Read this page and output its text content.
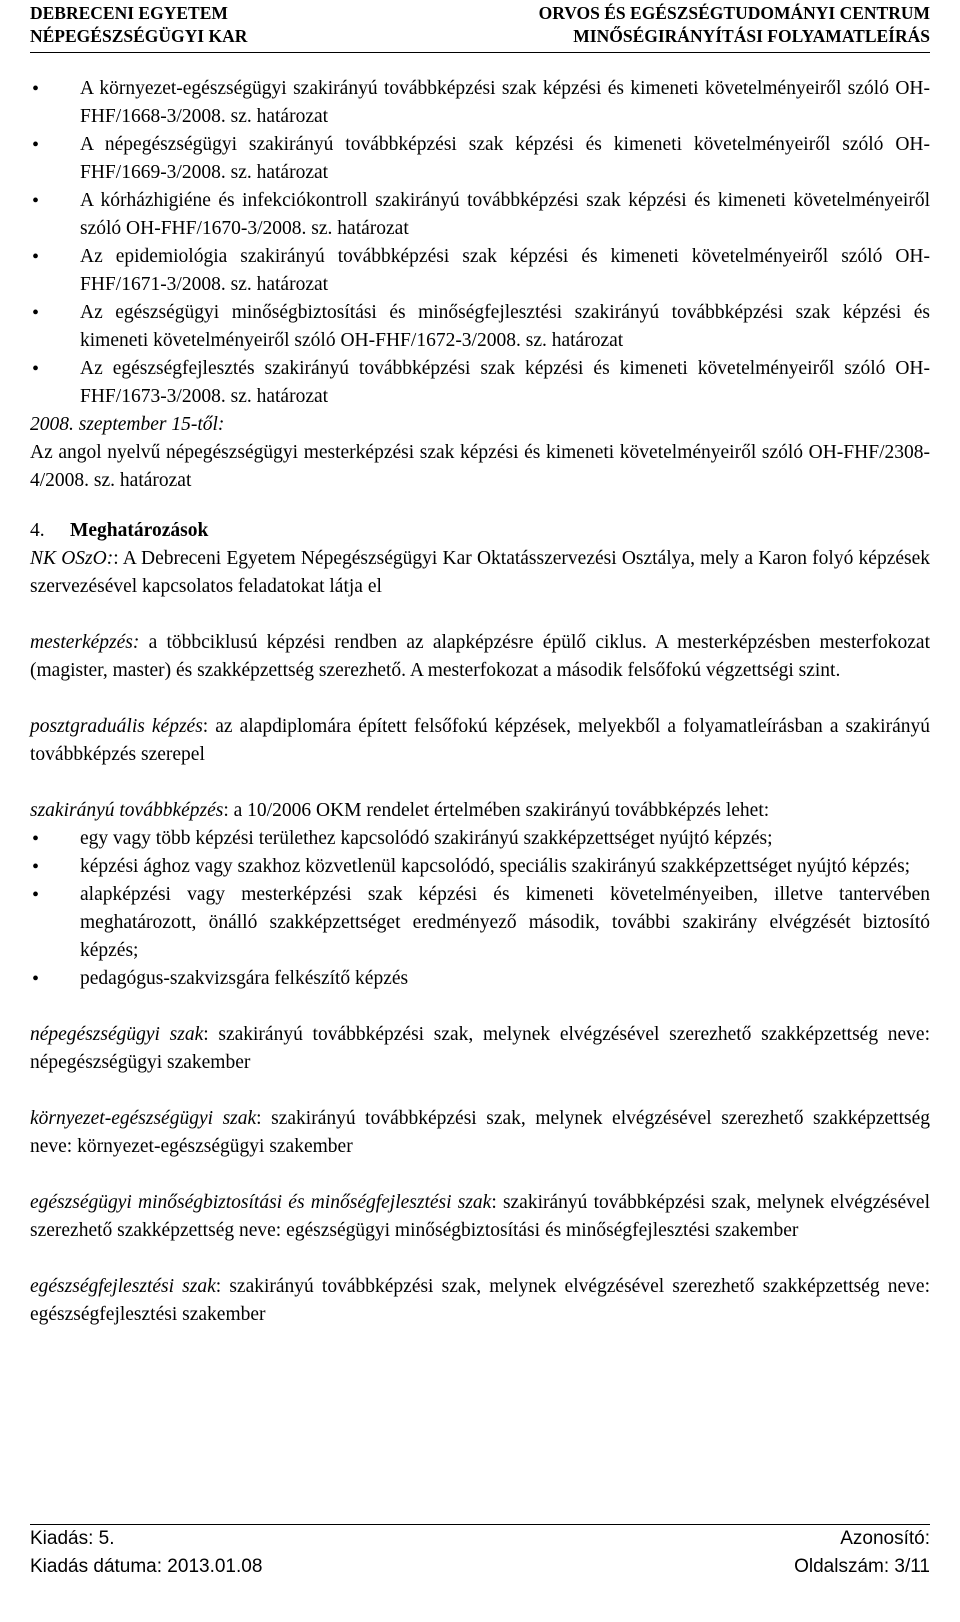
DEBRECENI EGYETEM
NÉPEGÉSZSÉGÜGYI KAR
ORVOS ÉS EGÉSZSÉGTUDOMÁNYI CENTRUM
MINŐSÉGIRÁNYÍTÁSI FOLYAMATLEÍRÁS
• A környezet-egészségügyi szakirányú továbbképzési szak képzési és kimeneti követelményeiről szóló OH-FHF/1668-3/2008. sz. határozat
• A népegészségügyi szakirányú továbbképzési szak képzési és kimeneti követelményeiről szóló OH-FHF/1669-3/2008. sz. határozat
• A kórházhigiéne és infekciókontroll szakirányú továbbképzési szak képzési és kimeneti követelményeiről szóló OH-FHF/1670-3/2008. sz. határozat
• Az epidemiológia szakirányú továbbképzési szak képzési és kimeneti követelményeiről szóló OH-FHF/1671-3/2008. sz. határozat
• Az egészségügyi minőségbiztosítási és minőségfejlesztési szakirányú továbbképzési szak képzési és kimeneti követelményeiről szóló OH-FHF/1672-3/2008. sz. határozat
• Az egészségfejlesztés szakirányú továbbképzési szak képzési és kimeneti követelményeiről szóló OH-FHF/1673-3/2008. sz. határozat

2008. szeptember 15-től:

Az angol nyelvű népegészségügyi mesterképzési szak képzési és kimeneti követelményeiről szóló OH-FHF/2308-4/2008. sz. határozat

4. Meghatározások

NK OSzO:: A Debreceni Egyetem Népegészségügyi Kar Oktatásszervezési Osztálya, mely a Karon folyó képzések szervezésével kapcsolatos feladatokat látja el

mesterképzés: a többciklusú képzési rendben az alapképzésre épülő ciklus. A mesterképzésben mesterfokozat (magister, master) és szakképzettség szerezhető. A mesterfokozat a második felsőfokú végzettségi szint.

posztgraduális képzés: az alapdiplomára épített felsőfokú képzések, melyekből a folyamatleírásban a szakirányú továbbképzés szerepel

szakirányú továbbképzés: a 10/2006 OKM rendelet értelmében szakirányú továbbképzés lehet:

• egy vagy több képzési területhez kapcsolódó szakirányú szakképzettséget nyújtó képzés;
• képzési ághoz vagy szakhoz közvetlenül kapcsolódó, speciális szakirányú szakképzettséget nyújtó képzés;
• alapképzési vagy mesterképzési szak képzési és kimeneti követelményeiben, illetve tantervében meghatározott, önálló szakképzettséget eredményező második, további szakirány elvégzését biztosító képzés;
• pedagógus-szakvizsgára felkészítő képzés

népegészségügyi szak: szakirányú továbbképzési szak, melynek elvégzésével szerezhető szakképzettség neve: népegészségügyi szakember

környezet-egészségügyi szak: szakirányú továbbképzési szak, melynek elvégzésével szerezhető szakképzettség neve: környezet-egészségügyi szakember

egészségügyi minőségbiztosítási és minőségfejlesztési szak: szakirányú továbbképzési szak, melynek elvégzésével szerezhető szakképzettség neve: egészségügyi minőségbiztosítási és minőségfejlesztési szakember

egészségfejlesztési szak: szakirányú továbbképzési szak, melynek elvégzésével szerezhető szakképzettség neve: egészségfejlesztési szakember

Kiadás: 5.	Azonosító:
Kiadás dátuma: 2013.01.08	Oldalszám: 3/11
